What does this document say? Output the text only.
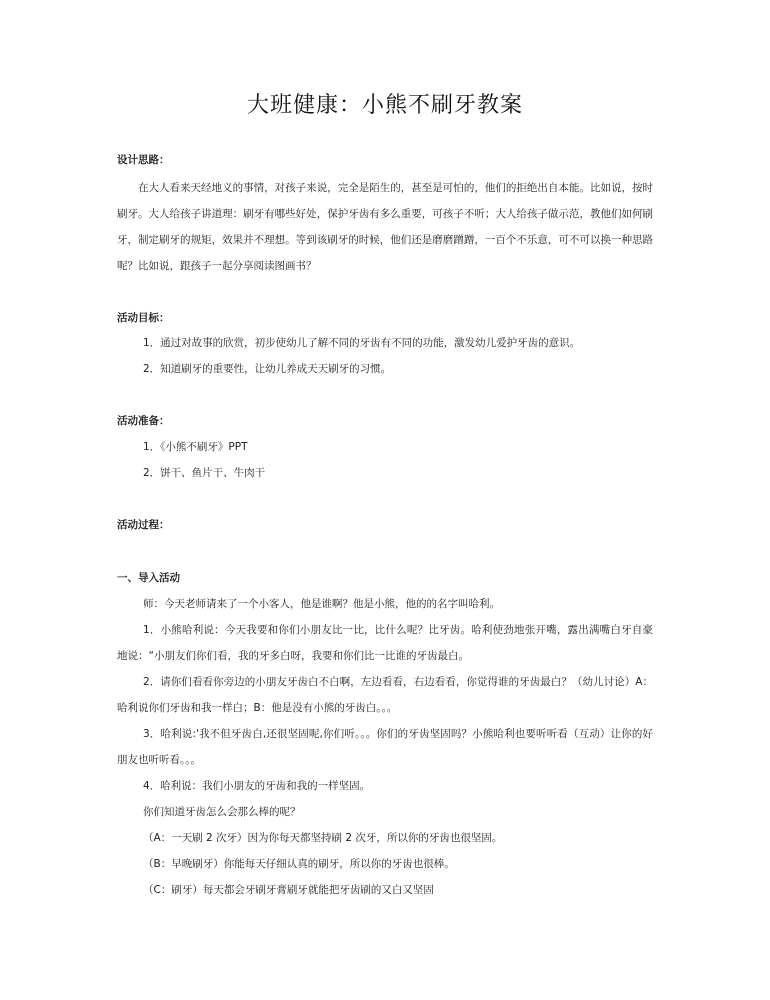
大班健康：小熊不刷牙教案
设计思路：
在大人看来天经地义的事情，对孩子来说，完全是陌生的，甚至是可怕的，他们的拒绝出自本能。比如说，按时刷牙。大人给孩子讲道理：刷牙有哪些好处，保护牙齿有多么重要，可孩子不听；大人给孩子做示范，教他们如何刷牙，制定刷牙的规矩，效果并不理想。等到该刷牙的时候，他们还是磨磨蹭蹭，一百个不乐意，可不可以换一种思路呢？比如说，跟孩子一起分享阅读图画书？
活动目标：
1．通过对故事的欣赏，初步使幼儿了解不同的牙齿有不同的功能，激发幼儿爱护牙齿的意识。
2．知道刷牙的重要性，让幼儿养成天天刷牙的习惯。
活动准备：
1．《小熊不刷牙》PPT
2．饼干、鱼片干、牛肉干
活动过程：
一、导入活动
师：今天老师请来了一个小客人，他是谁啊？他是小熊，他的的名字叫哈利。
1．小熊哈利说：今天我要和你们小朋友比一比，比什么呢？比牙齿。哈利使劲地张开嘴，露出满嘴白牙自豪地说：“小朋友们你们看，我的牙多白呀，我要和你们比一比谁的牙齿最白。
2．请你们看看你旁边的小朋友牙齿白不白啊，左边看看，右边看看，你觉得谁的牙齿最白？（幼儿讨论）A：哈利说你们牙齿和我一样白；B：他是没有小熊的牙齿白。。。
3．哈利说:'我不但牙齿白,还很坚固呢,你们听。。。你们的牙齿坚固吗？小熊哈利也要听听看（互动）让你的好朋友也听听看。。。
4．哈利说：我们小朋友的牙齿和我的一样坚固。
你们知道牙齿怎么会那么棒的呢？
（A：一天刷 2 次牙）因为你每天都坚持刷 2 次牙，所以你的牙齿也很坚固。
（B：早晚刷牙）你能每天仔细认真的刷牙，所以你的牙齿也很棒。
（C：刷牙）每天都会牙刷牙膏刷牙就能把牙齿刷的又白又坚固
